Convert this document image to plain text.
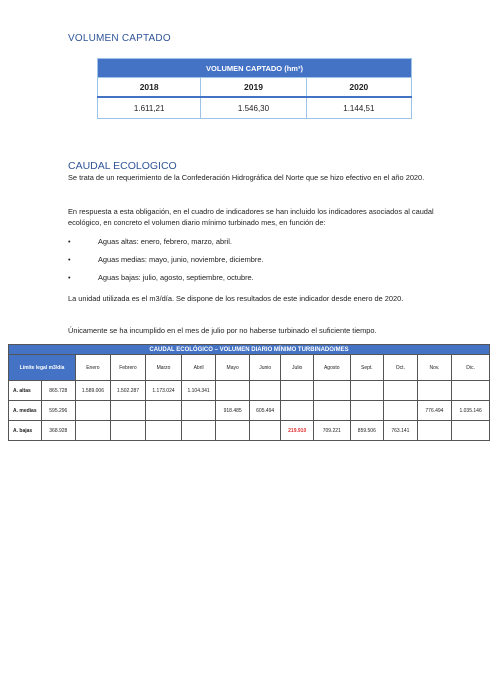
VOLUMEN CAPTADO
VOLUMEN CAPTADO (hm³)		
2018	2019	2020
1.611,21	1.546,30	1.144,51
CAUDAL ECOLOGICO
Se trata de un requerimiento de la Confederación Hidrográfica del Norte que se hizo efectivo en el año 2020.
En respuesta a esta obligación, en el cuadro de indicadores se han incluido los indicadores asociados al caudal ecológico, en concreto el volumen diario mínimo turbinado mes, en función de:
•	Aguas altas: enero, febrero, marzo, abril.
•	Aguas medias: mayo, junio, noviembre, diciembre.
•	Aguas bajas: julio, agosto, septiembre, octubre.
La unidad utilizada es el m3/día. Se dispone de los resultados de este indicador desde enero de 2020.
Únicamente se ha incumplido en el mes de julio por no haberse turbinado el suficiente tiempo.
CAUDAL ECOLÓGICO – VOLUMEN DIARIO MÍNIMO TURBINADO/MES													
Límite legal m3/día		Enero	Febrero	Marzo	Abril	Mayo	Junio	Julio	Agosto	Sept.	Oct.	Nov.	Dic.
A. altas	865.728	1.589.006	1.502.287	1.173.024	1.104.341								
A. medias	595.296					918.485	605.494					776.494	1.035.146
A. bajas	368.928							219.910	709.221	859.506	763.141		
